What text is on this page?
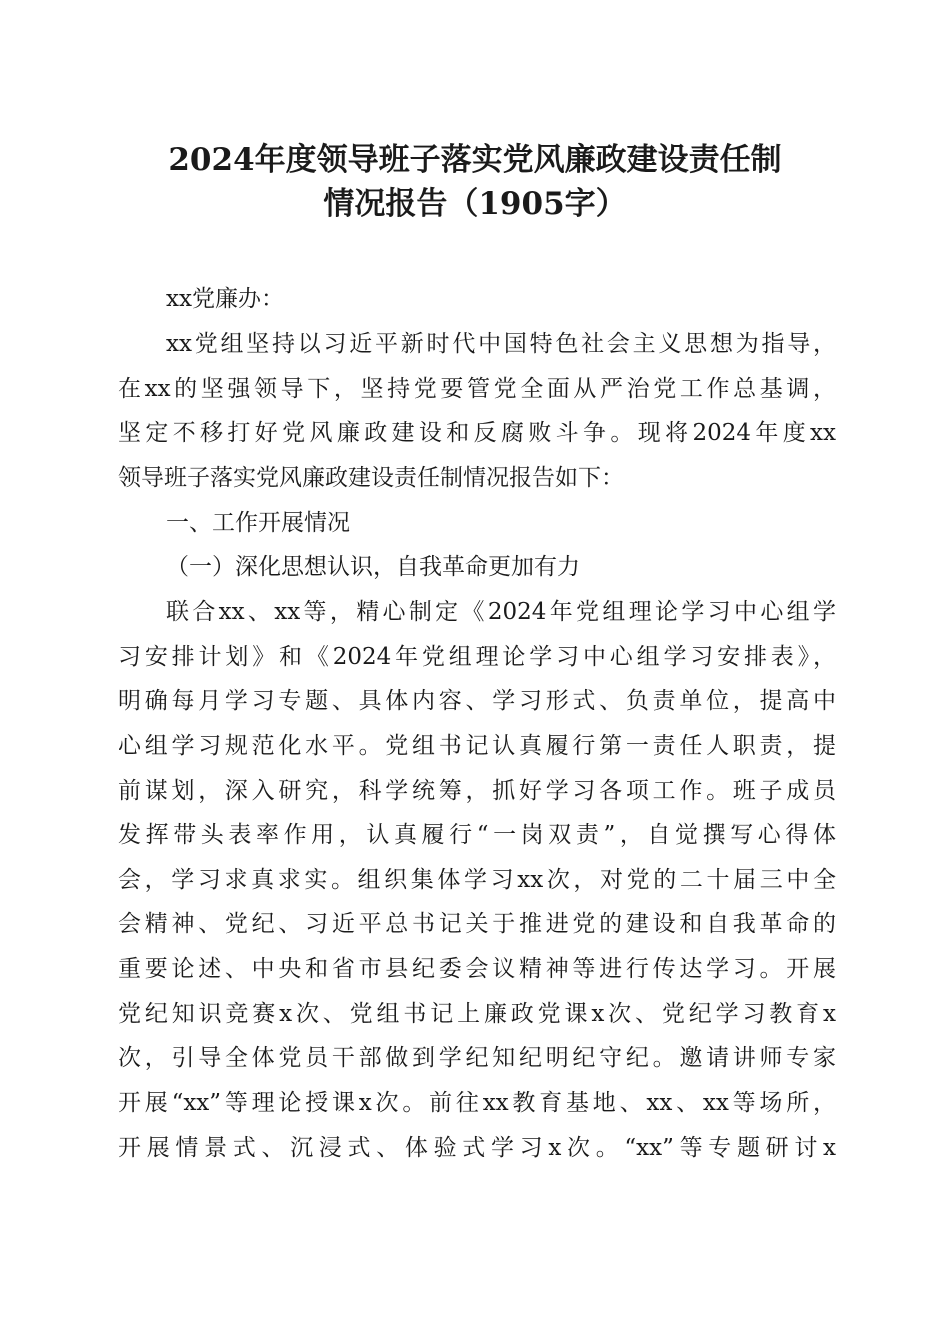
2024年度领导班子落实党风廉政建设责任制
情况报告（1905字）
xx党廉办：
xx党组坚持以习近平新时代中国特色社会主义思想为指导，
在xx的坚强领导下，坚持党要管党全面从严治党工作总基调，
坚定不移打好党风廉政建设和反腐败斗争。现将2024年度xx
领导班子落实党风廉政建设责任制情况报告如下：
一、工作开展情况
（一）深化思想认识，自我革命更加有力
联合xx、xx等，精心制定《2024年党组理论学习中心组学
习安排计划》和《2024年党组理论学习中心组学习安排表》，
明确每月学习专题、具体内容、学习形式、负责单位，提高中
心组学习规范化水平。党组书记认真履行第一责任人职责，提
前谋划，深入研究，科学统筹，抓好学习各项工作。班子成员
发挥带头表率作用，认真履行“一岗双责”，自觉撰写心得体
会，学习求真求实。组织集体学习xx次，对党的二十届三中全
会精神、党纪、习近平总书记关于推进党的建设和自我革命的
重要论述、中央和省市县纪委会议精神等进行传达学习。开展
党纪知识竞赛x次、党组书记上廉政党课x次、党纪学习教育x
次，引导全体党员干部做到学纪知纪明纪守纪。邀请讲师专家
开展“xx”等理论授课x次。前往xx教育基地、xx、xx等场所，
开展情景式、沉浸式、体验式学习x次。“xx”等专题研讨x
